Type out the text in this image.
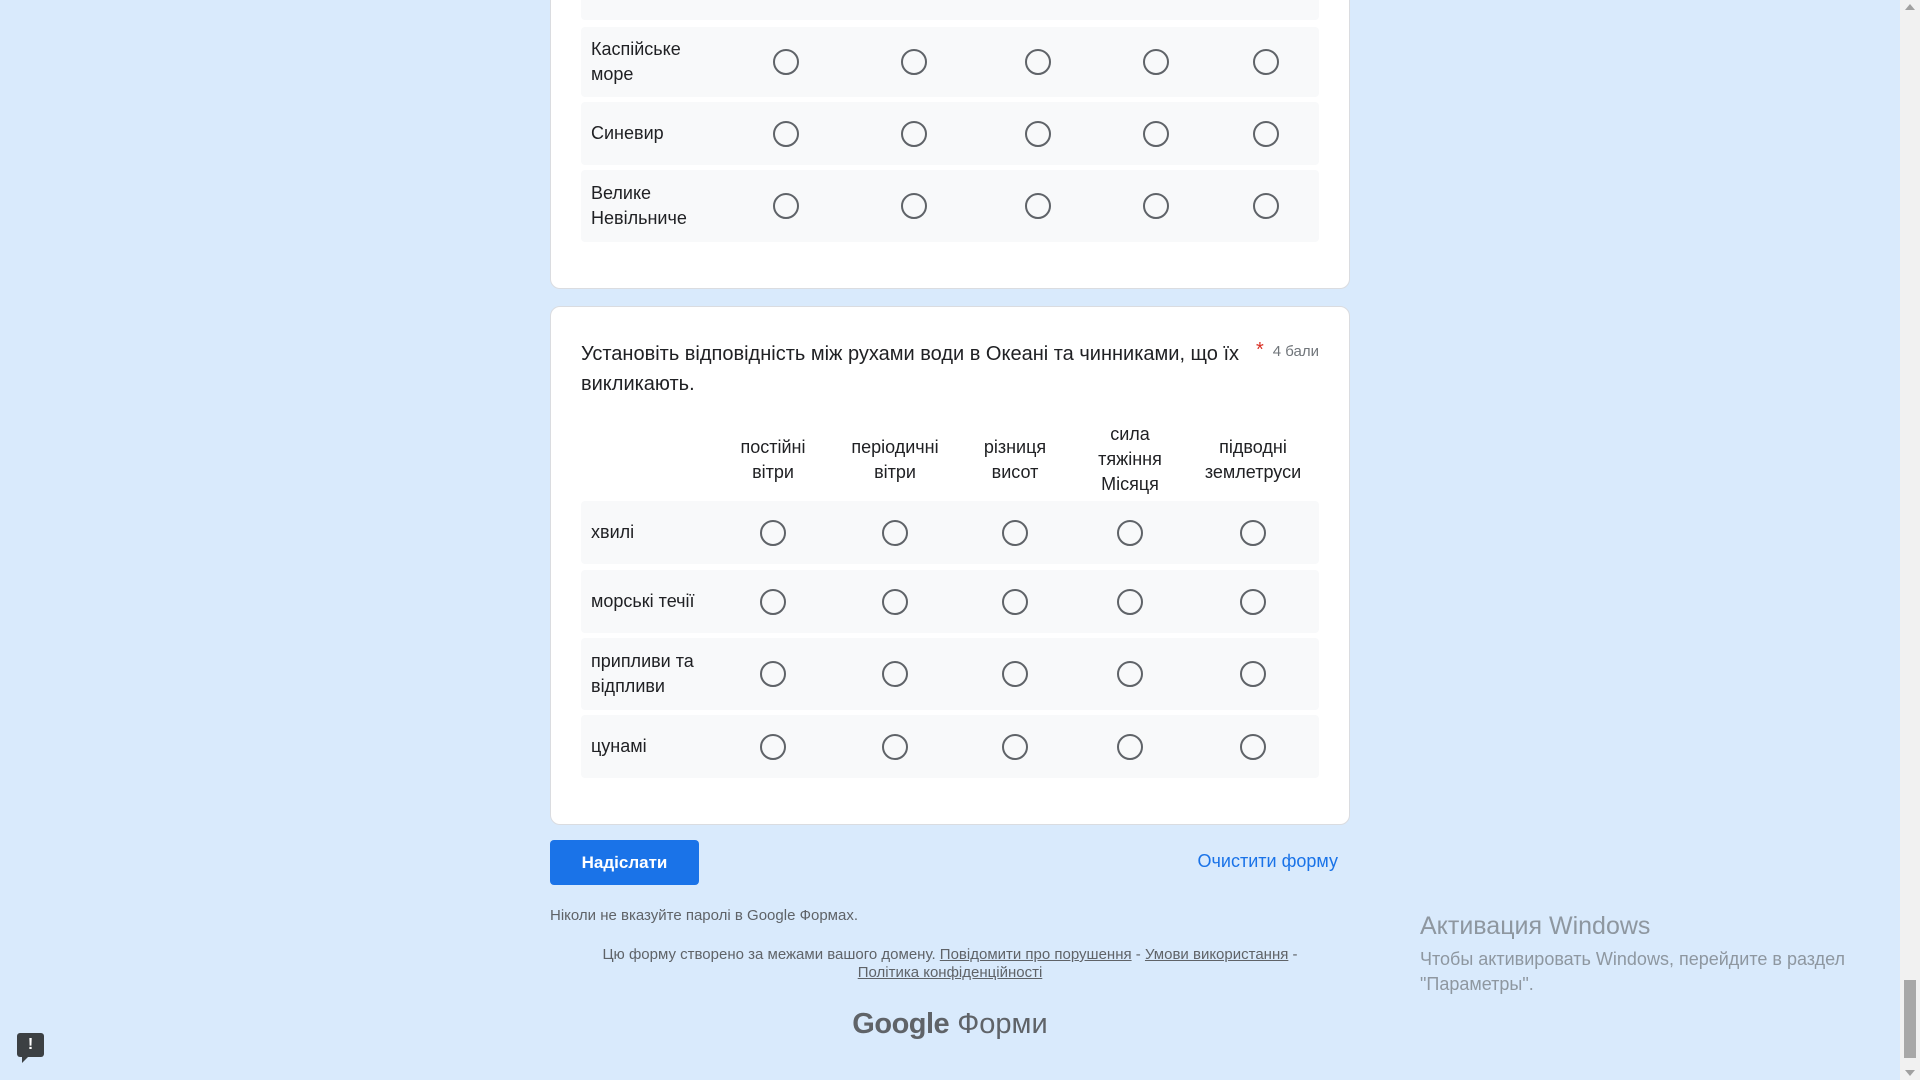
Каспійське море
Синевир
Велике Невільниче
Установіть відповідність між рухами води в Океані та чинниками, що їх викликають.
* 4 бали
постійні вітри
періодичні вітри
різниця висот
сила тяжіння Місяця
підводні землетруси
хвилі
морські течії
припливи та відпливи
цунамі
Надіслати	Очистити форму
Ніколи не вказуйте паролі в Google Формах.
Цю форму створено за межами вашого домену. Повідомити про порушення - Умови використання -
Політика конфіденційності
Google Форми
Активация Windows
Чтобы активировать Windows, перейдите в раздел
"Параметры".
!
